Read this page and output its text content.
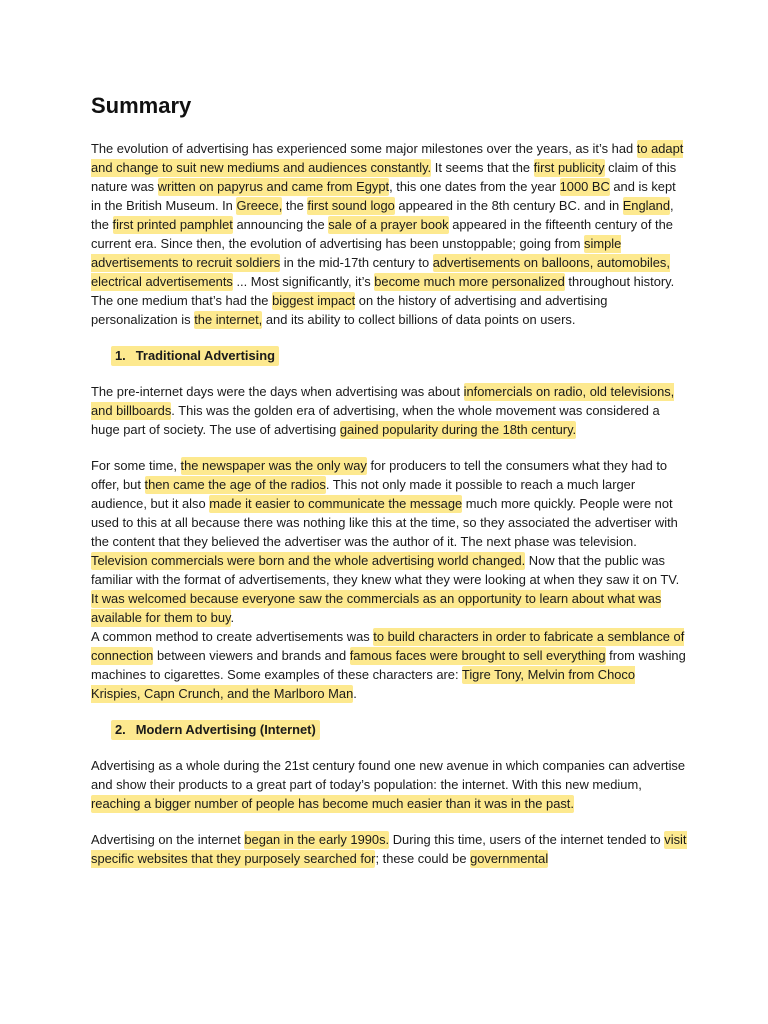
Summary

The evolution of advertising has experienced some major milestones over the years, as it’s had to adapt and change to suit new mediums and audiences constantly. It seems that the first publicity claim of this nature was written on papyrus and came from Egypt, this one dates from the year 1000 BC and is kept in the British Museum. In Greece, the first sound logo appeared in the 8th century BC. and in England, the first printed pamphlet announcing the sale of a prayer book appeared in the fifteenth century of the current era. Since then, the evolution of advertising has been unstoppable; going from simple advertisements to recruit soldiers in the mid-17th century to advertisements on balloons, automobiles, electrical advertisements ... Most significantly, it’s become much more personalized throughout history. The one medium that’s had the biggest impact on the history of advertising and advertising personalization is the internet, and its ability to collect billions of data points on users.

1. Traditional Advertising

The pre-internet days were the days when advertising was about infomercials on radio, old televisions, and billboards. This was the golden era of advertising, when the whole movement was considered a huge part of society. The use of advertising gained popularity during the 18th century.

For some time, the newspaper was the only way for producers to tell the consumers what they had to offer, but then came the age of the radios. This not only made it possible to reach a much larger audience, but it also made it easier to communicate the message much more quickly. People were not used to this at all because there was nothing like this at the time, so they associated the advertiser with the content that they believed the advertiser was the author of it. The next phase was television. Television commercials were born and the whole advertising world changed. Now that the public was familiar with the format of advertisements, they knew what they were looking at when they saw it on TV. It was welcomed because everyone saw the commercials as an opportunity to learn about what was available for them to buy.

A common method to create advertisements was to build characters in order to fabricate a semblance of connection between viewers and brands and famous faces were brought to sell everything from washing machines to cigarettes. Some examples of these characters are: Tigre Tony, Melvin from Choco Krispies, Capn Crunch, and the Marlboro Man.

2. Modern Advertising (Internet)

Advertising as a whole during the 21st century found one new avenue in which companies can advertise and show their products to a great part of today’s population: the internet. With this new medium, reaching a bigger number of people has become much easier than it was in the past.

Advertising on the internet began in the early 1990s. During this time, users of the internet tended to visit specific websites that they purposely searched for; these could be governmental
